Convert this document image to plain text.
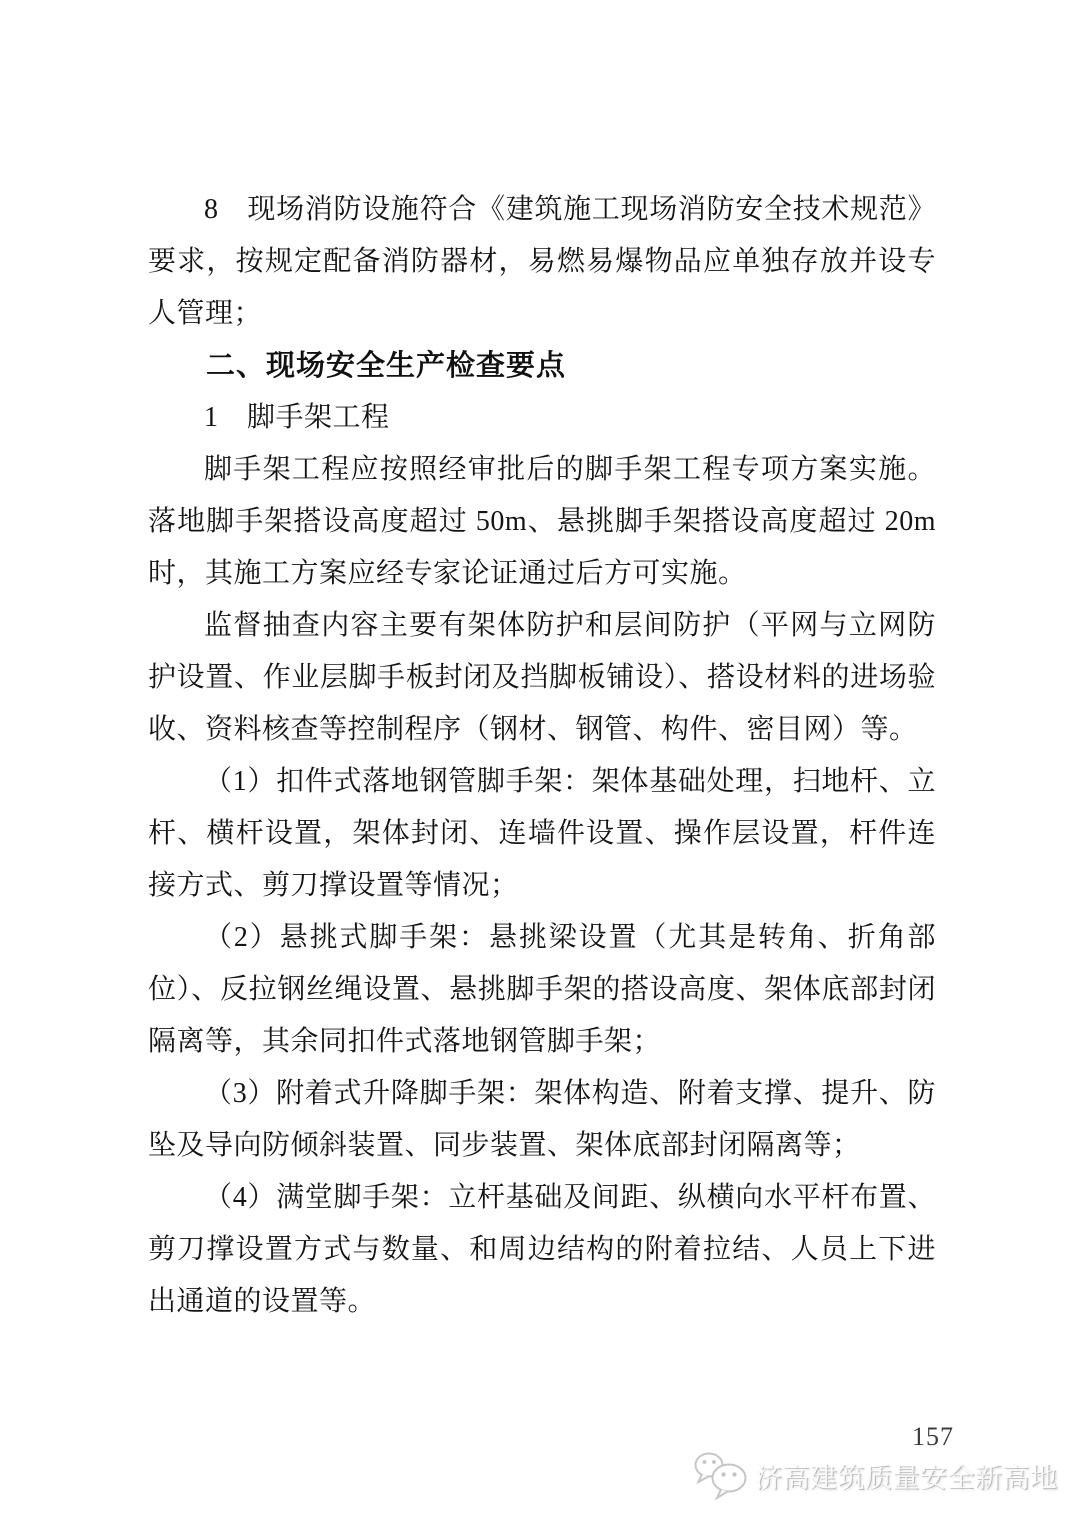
8　现场消防设施符合《建筑施工现场消防安全技术规范》要求，按规定配备消防器材，易燃易爆物品应单独存放并设专人管理；

二、现场安全生产检查要点

1　脚手架工程

脚手架工程应按照经审批后的脚手架工程专项方案实施。落地脚手架搭设高度超过 50m、悬挑脚手架搭设高度超过 20m 时，其施工方案应经专家论证通过后方可实施。

监督抽查内容主要有架体防护和层间防护（平网与立网防护设置、作业层脚手板封闭及挡脚板铺设）、搭设材料的进场验收、资料核查等控制程序（钢材、钢管、构件、密目网）等。

（1）扣件式落地钢管脚手架：架体基础处理，扫地杆、立杆、横杆设置，架体封闭、连墙件设置、操作层设置，杆件连接方式、剪刀撑设置等情况；

（2）悬挑式脚手架：悬挑梁设置（尤其是转角、折角部位）、反拉钢丝绳设置、悬挑脚手架的搭设高度、架体底部封闭隔离等，其余同扣件式落地钢管脚手架；

（3）附着式升降脚手架：架体构造、附着支撑、提升、防坠及导向防倾斜装置、同步装置、架体底部封闭隔离等；

（4）满堂脚手架：立杆基础及间距、纵横向水平杆布置、剪刀撑设置方式与数量、和周边结构的附着拉结、人员上下进出通道的设置等。

157
济高建筑质量安全新高地
